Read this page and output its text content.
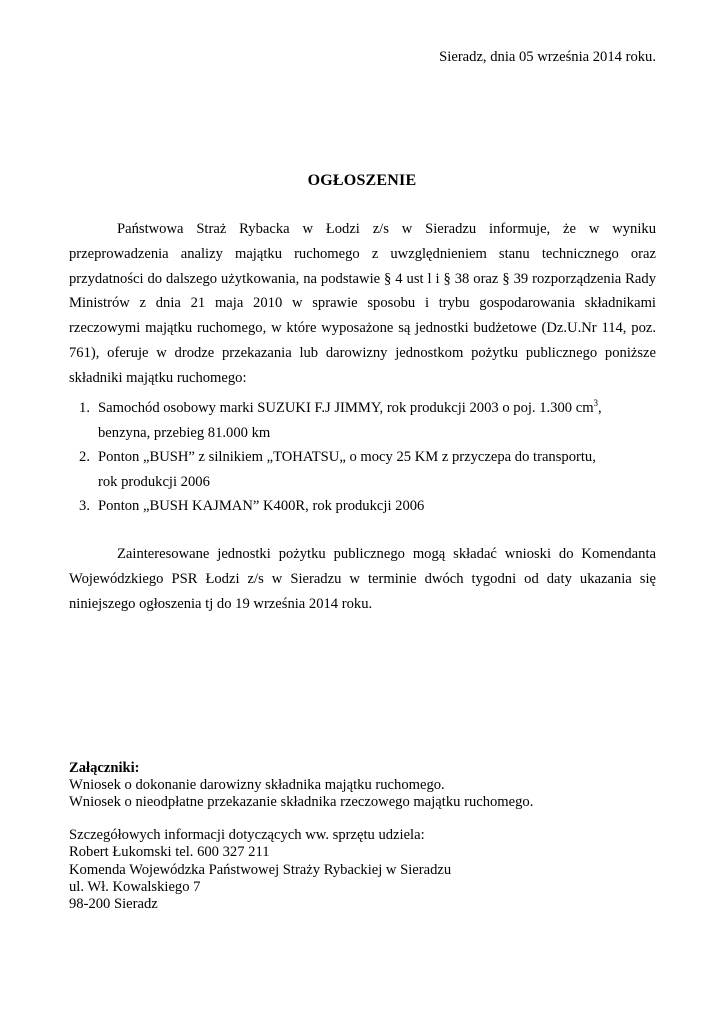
Sieradz, dnia 05 września 2014 roku.
OGŁOSZENIE

Państwowa Straż Rybacka w Łodzi z/s w Sieradzu informuje, że w wyniku przeprowadzenia analizy majątku ruchomego z uwzględnieniem stanu technicznego oraz przydatności do dalszego użytkowania, na podstawie § 4 ust l i § 38 oraz § 39 rozporządzenia Rady Ministrów z dnia 21 maja 2010 w sprawie sposobu i trybu gospodarowania składnikami rzeczowymi majątku ruchomego, w które wyposażone są jednostki budżetowe (Dz.U.Nr 114, poz. 761), oferuje w drodze przekazania lub darowizny jednostkom pożytku publicznego poniższe składniki majątku ruchomego:

1. Samochód osobowy marki SUZUKI F.J JIMMY, rok produkcji 2003 o poj. 1.300 $cm^3$,
benzyna, przebieg 81.000 km
2. Ponton „BUSH” z silnikiem „TOHATSU„ o mocy 25 KM z przyczepa do transportu,
rok produkcji 2006
3. Ponton „BUSH KAJMAN” K400R, rok produkcji 2006

Zainteresowane jednostki pożytku publicznego mogą składać wnioski do Komendanta Wojewódzkiego PSR Łodzi z/s w Sieradzu w terminie dwóch tygodni od daty ukazania się niniejszego ogłoszenia tj do 19 września 2014 roku.

Załączniki:
Wniosek o dokonanie darowizny składnika majątku ruchomego.
Wniosek o nieodpłatne przekazanie składnika rzeczowego majątku ruchomego.
Szczegółowych informacji dotyczących ww. sprzętu udziela:
Robert Łukomski tel. 600 327 211
Komenda Wojewódzka Państwowej Straży Rybackiej w Sieradzu
ul. Wł. Kowalskiego 7
98-200 Sieradz
